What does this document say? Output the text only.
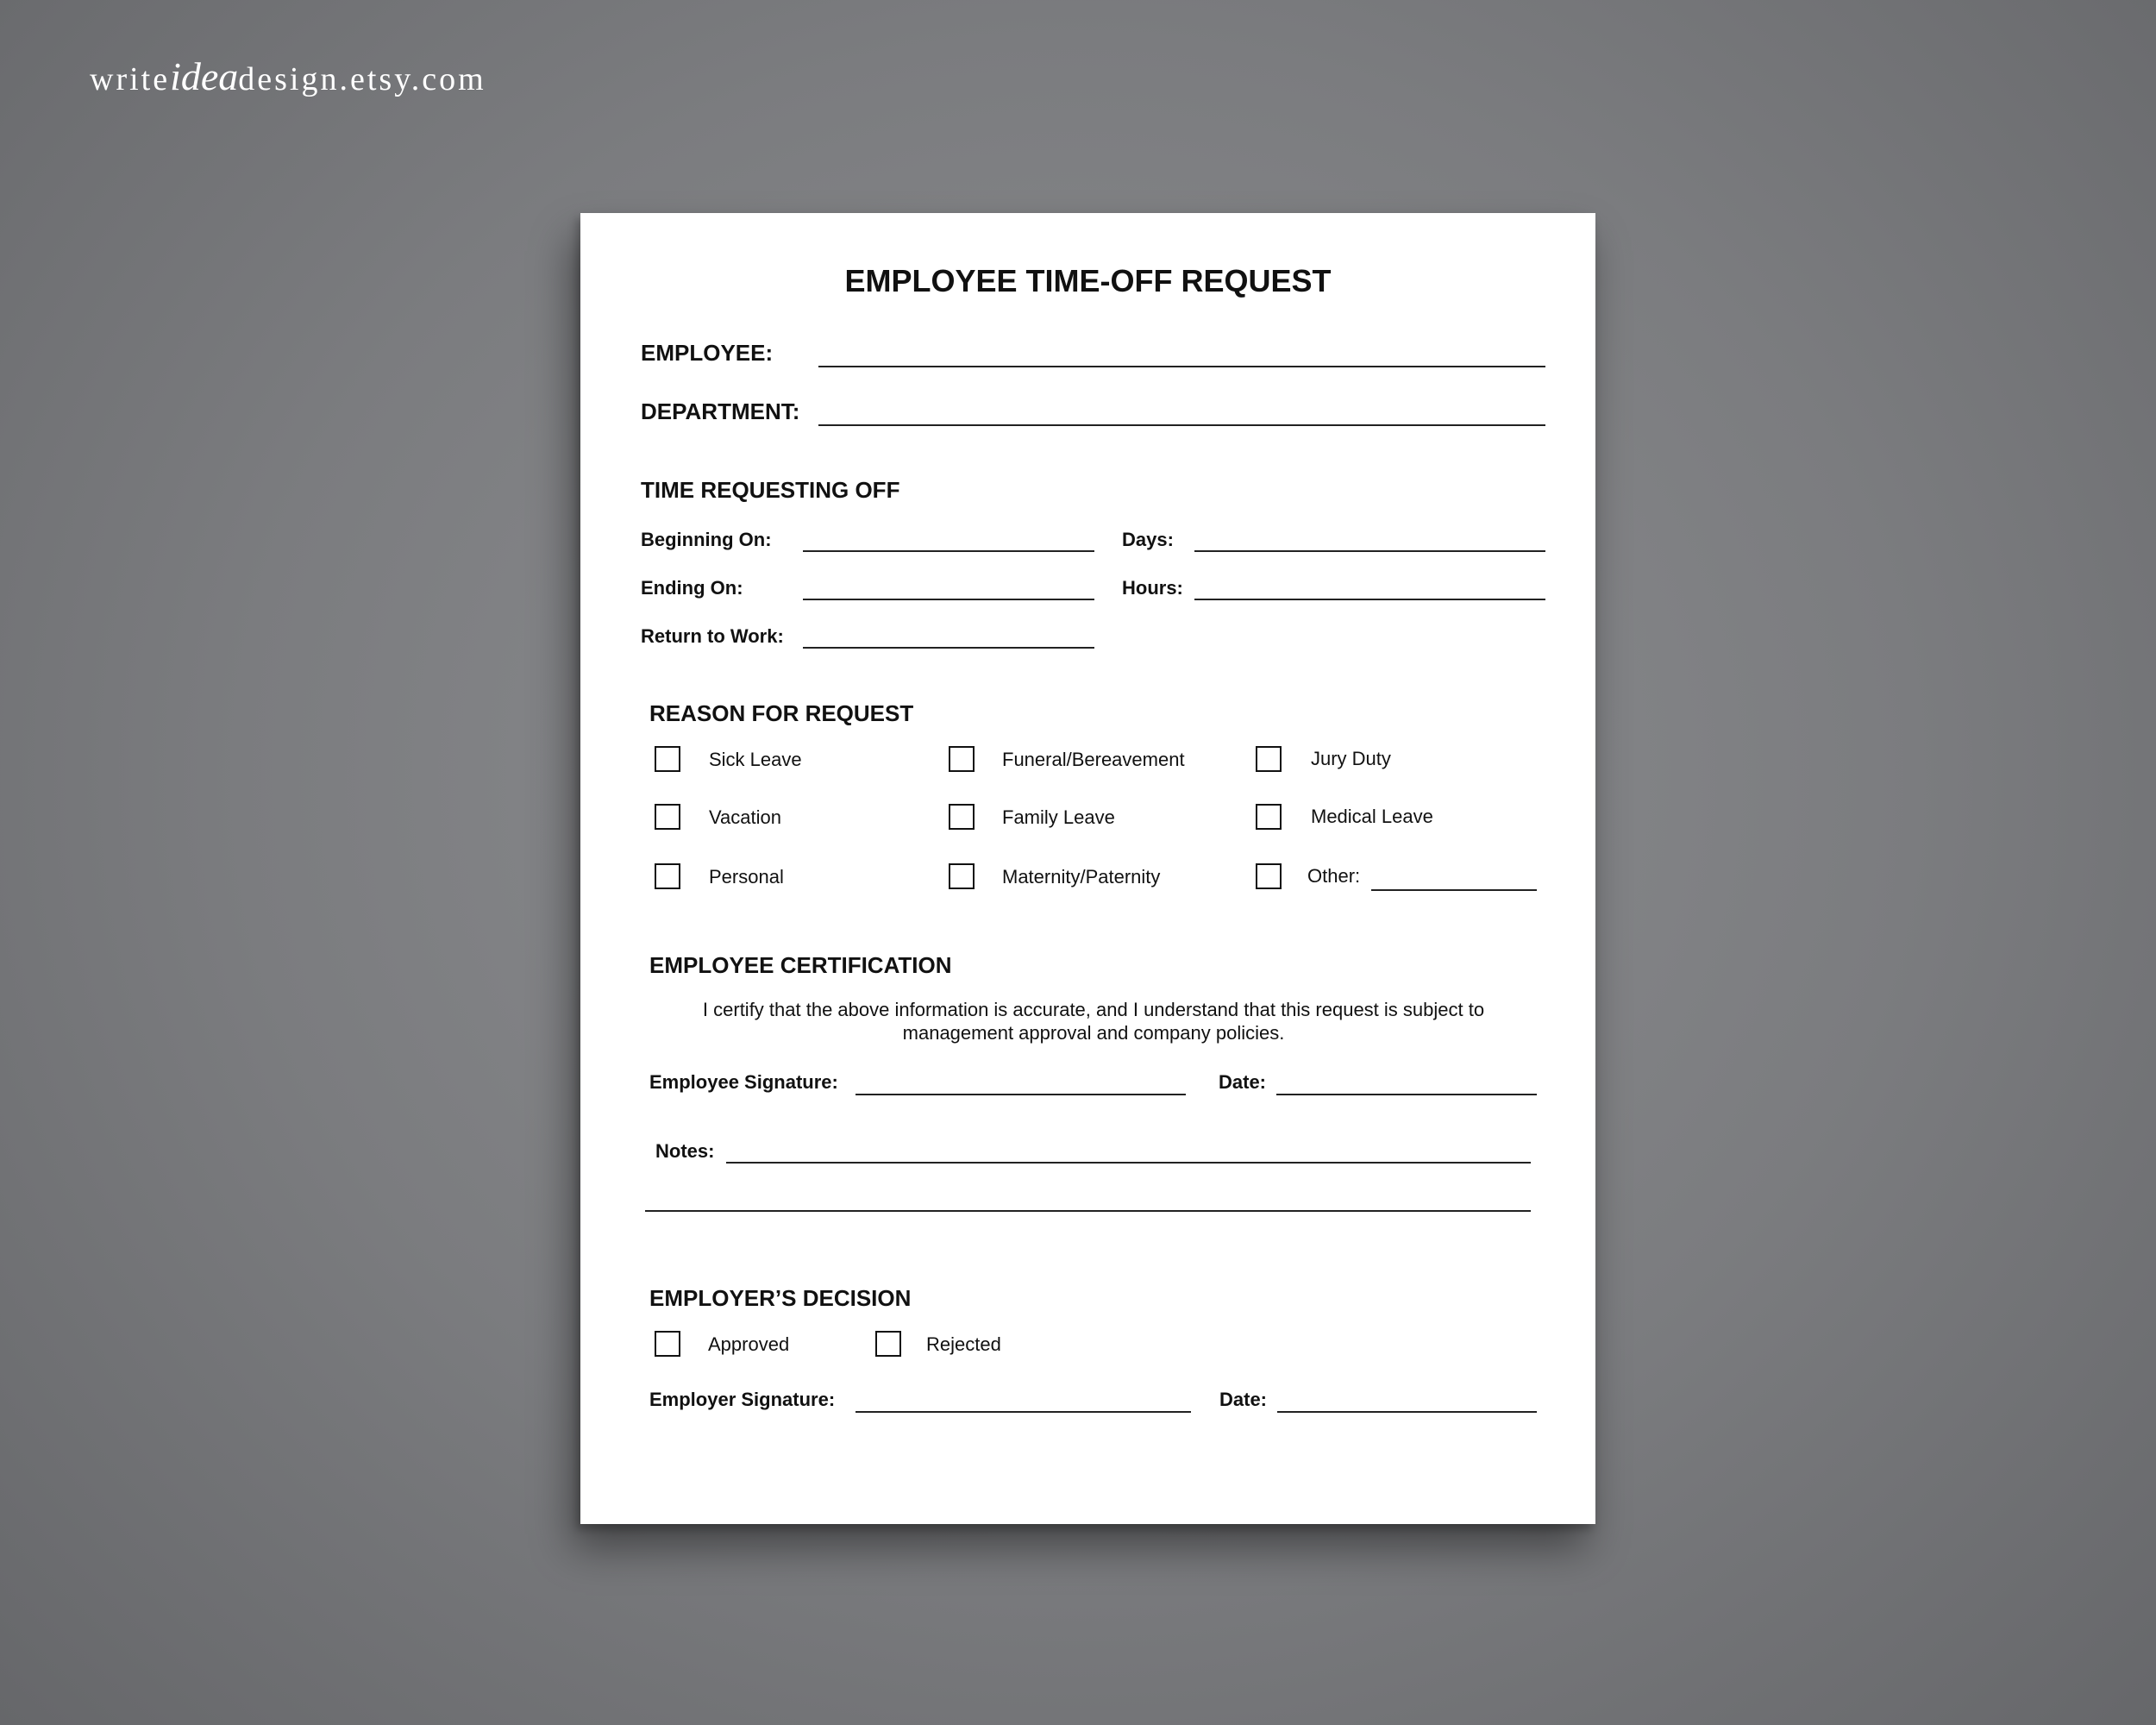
writeideadesign.etsy.com
EMPLOYEE TIME-OFF REQUEST
EMPLOYEE:
DEPARTMENT:
TIME REQUESTING OFF
Beginning On:	Days:
Ending On:	Hours:
Return to Work:
REASON FOR REQUEST
Sick Leave	Funeral/Bereavement	Jury Duty
Vacation	Family Leave	Medical Leave
Personal	Maternity/Paternity	Other:
EMPLOYEE CERTIFICATION
I certify that the above information is accurate, and I understand that this request is subject to management approval and company policies.
Employee Signature:	Date:
Notes:
EMPLOYER’S DECISION
Approved	Rejected
Employer Signature:	Date:
